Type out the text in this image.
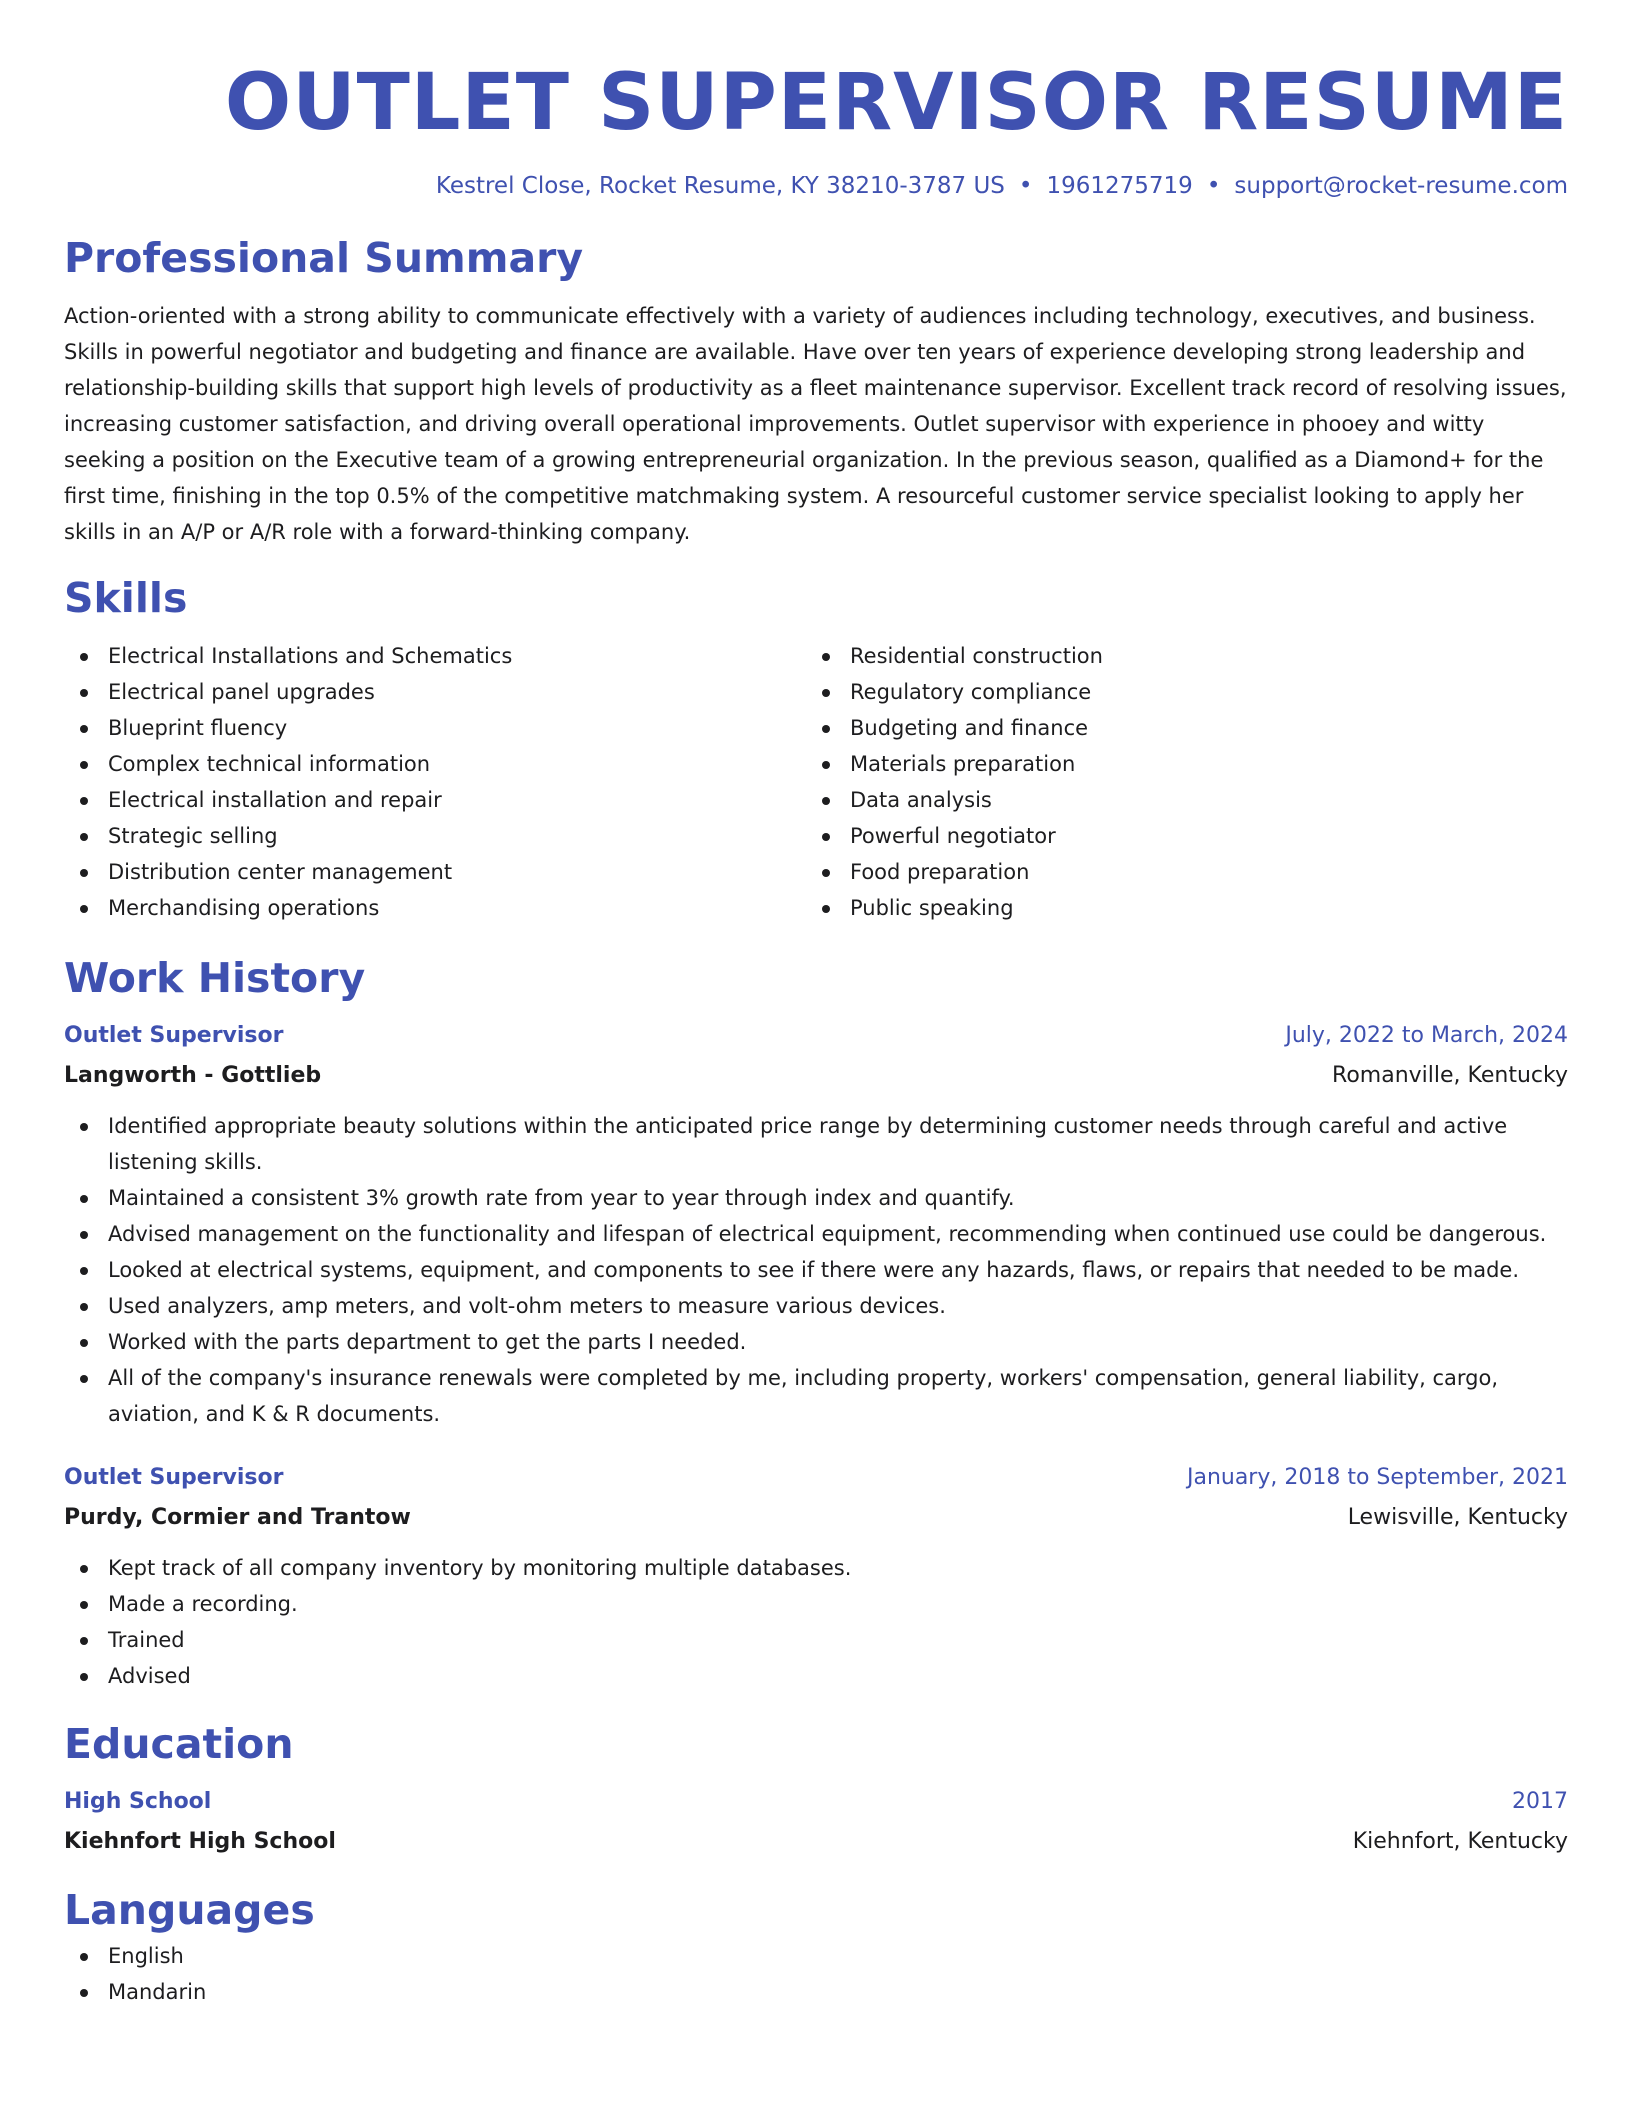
OUTLET SUPERVISOR RESUME
Kestrel Close, Rocket Resume, KY 38210-3787 US • 1961275719 • support@rocket-resume.com
Professional Summary
Action-oriented with a strong ability to communicate effectively with a variety of audiences including technology, executives, and business. Skills in powerful negotiator and budgeting and finance are available. Have over ten years of experience developing strong leadership and relationship-building skills that support high levels of productivity as a fleet maintenance supervisor. Excellent track record of resolving issues, increasing customer satisfaction, and driving overall operational improvements. Outlet supervisor with experience in phooey and witty seeking a position on the Executive team of a growing entrepreneurial organization. In the previous season, qualified as a Diamond+ for the first time, finishing in the top 0.5% of the competitive matchmaking system. A resourceful customer service specialist looking to apply her skills in an A/P or A/R role with a forward-thinking company.
Skills
Electrical Installations and Schematics
Electrical panel upgrades
Blueprint fluency
Complex technical information
Electrical installation and repair
Strategic selling
Distribution center management
Merchandising operations
Residential construction
Regulatory compliance
Budgeting and finance
Materials preparation
Data analysis
Powerful negotiator
Food preparation
Public speaking
Work History
Outlet Supervisor	July, 2022 to March, 2024
Langworth - Gottlieb	Romanville, Kentucky
Identified appropriate beauty solutions within the anticipated price range by determining customer needs through careful and active listening skills.
Maintained a consistent 3% growth rate from year to year through index and quantify.
Advised management on the functionality and lifespan of electrical equipment, recommending when continued use could be dangerous.
Looked at electrical systems, equipment, and components to see if there were any hazards, flaws, or repairs that needed to be made.
Used analyzers, amp meters, and volt-ohm meters to measure various devices.
Worked with the parts department to get the parts I needed.
All of the company's insurance renewals were completed by me, including property, workers' compensation, general liability, cargo, aviation, and K & R documents.
Outlet Supervisor	January, 2018 to September, 2021
Purdy, Cormier and Trantow	Lewisville, Kentucky
Kept track of all company inventory by monitoring multiple databases.
Made a recording.
Trained
Advised
Education
High School	2017
Kiehnfort High School	Kiehnfort, Kentucky
Languages
English
Mandarin
